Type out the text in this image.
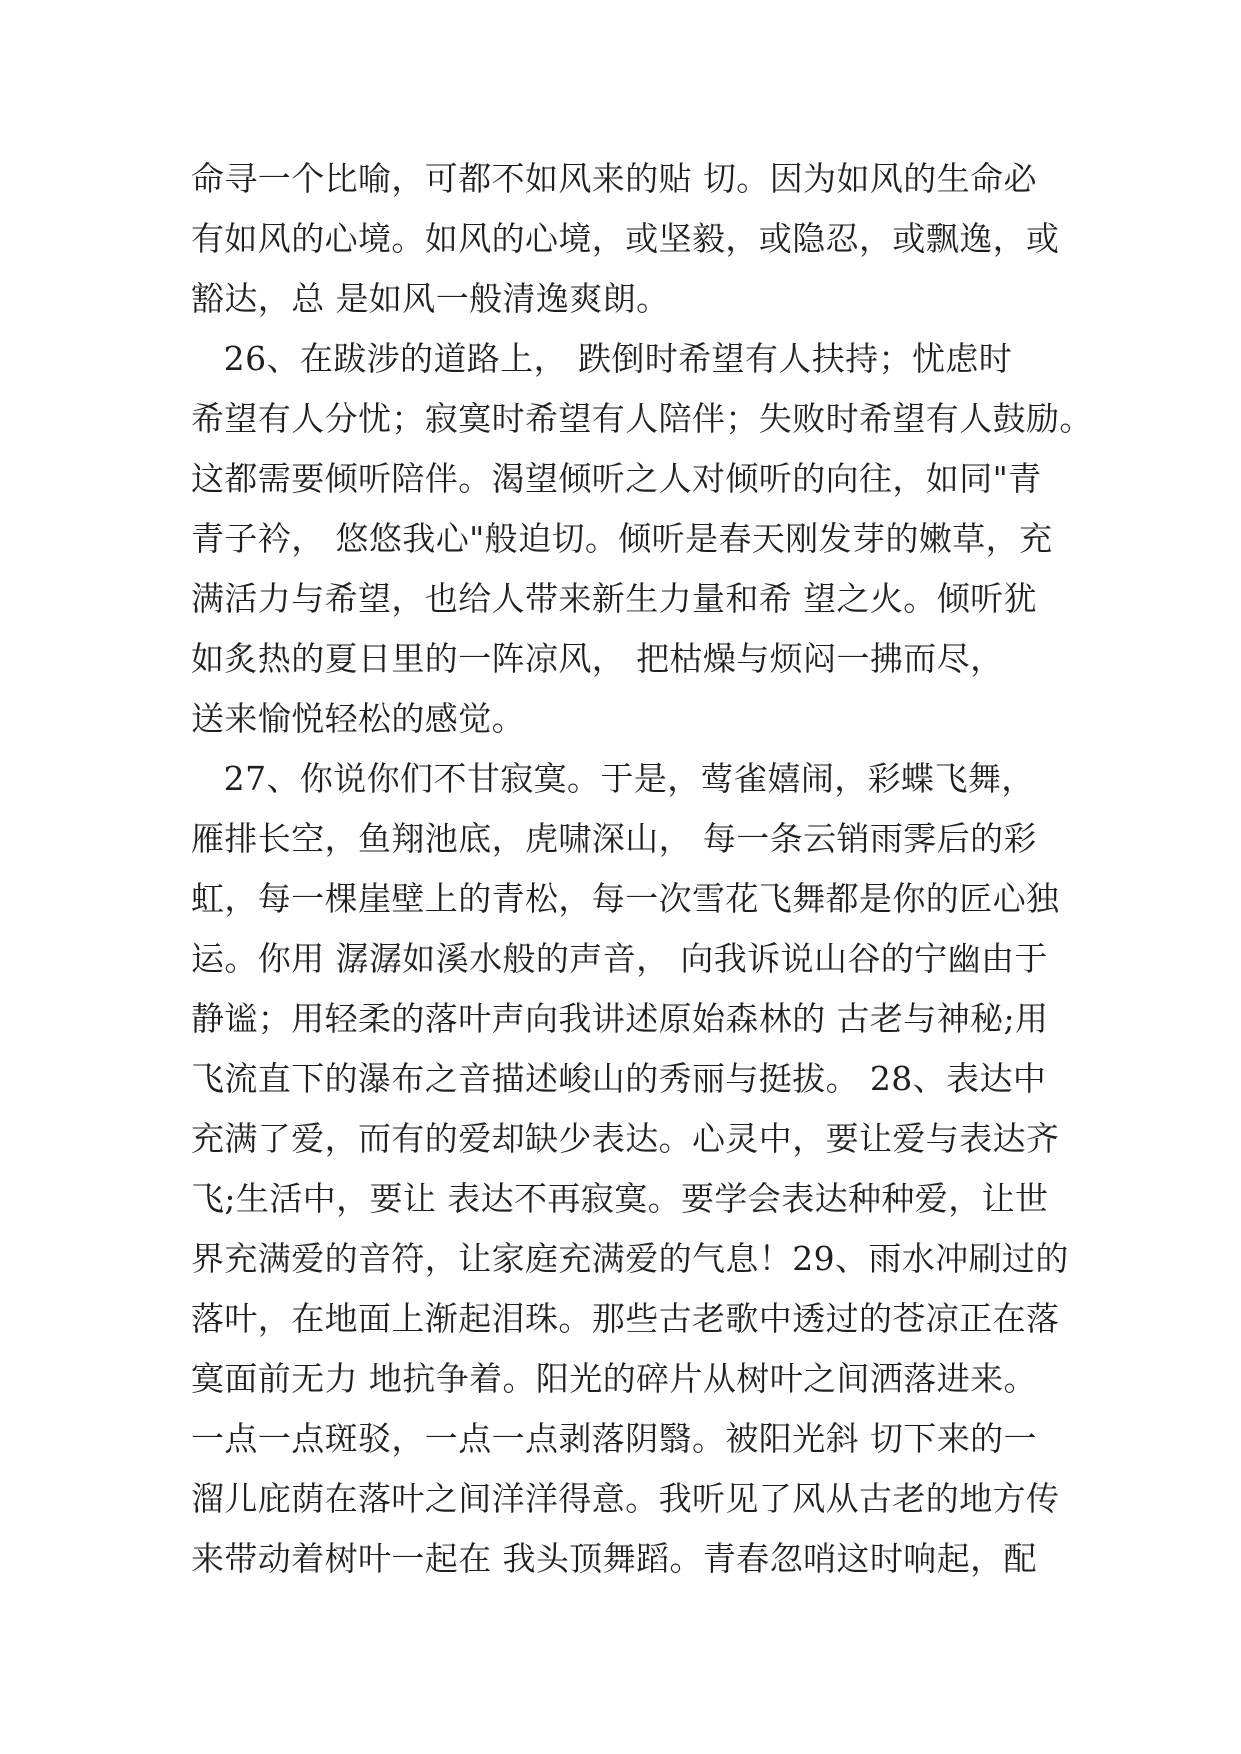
命寻一个比喻，可都不如风来的贴 切。因为如风的生命必
有如风的心境。如风的心境，或坚毅，或隐忍，或飘逸，或
豁达，总 是如风一般清逸爽朗。
26、在跋涉的道路上， 跌倒时希望有人扶持；忧虑时
希望有人分忧；寂寞时希望有人陪伴；失败时希望有人鼓励。
这都需要倾听陪伴。渴望倾听之人对倾听的向往，如同"青
青子衿， 悠悠我心"般迫切。倾听是春天刚发芽的嫩草，充
满活力与希望，也给人带来新生力量和希 望之火。倾听犹
如炙热的夏日里的一阵凉风， 把枯燥与烦闷一拂而尽，
送来愉悦轻松的感觉。
27、你说你们不甘寂寞。于是，莺雀嬉闹，彩蝶飞舞，
雁排长空，鱼翔池底，虎啸深山， 每一条云销雨霁后的彩
虹，每一棵崖壁上的青松，每一次雪花飞舞都是你的匠心独
运。你用 潺潺如溪水般的声音， 向我诉说山谷的宁幽由于
静谧；用轻柔的落叶声向我讲述原始森林的 古老与神秘;用
飞流直下的瀑布之音描述峻山的秀丽与挺拔。 28、表达中
充满了爱，而有的爱却缺少表达。心灵中，要让爱与表达齐
飞;生活中，要让 表达不再寂寞。要学会表达种种爱，让世
界充满爱的音符，让家庭充满爱的气息！29、雨水冲刷过的
落叶，在地面上渐起泪珠。那些古老歌中透过的苍凉正在落
寞面前无力 地抗争着。阳光的碎片从树叶之间洒落进来。
一点一点斑驳，一点一点剥落阴翳。被阳光斜 切下来的一
溜儿庇荫在落叶之间洋洋得意。我听见了风从古老的地方传
来带动着树叶一起在 我头顶舞蹈。青春忽哨这时响起，配
